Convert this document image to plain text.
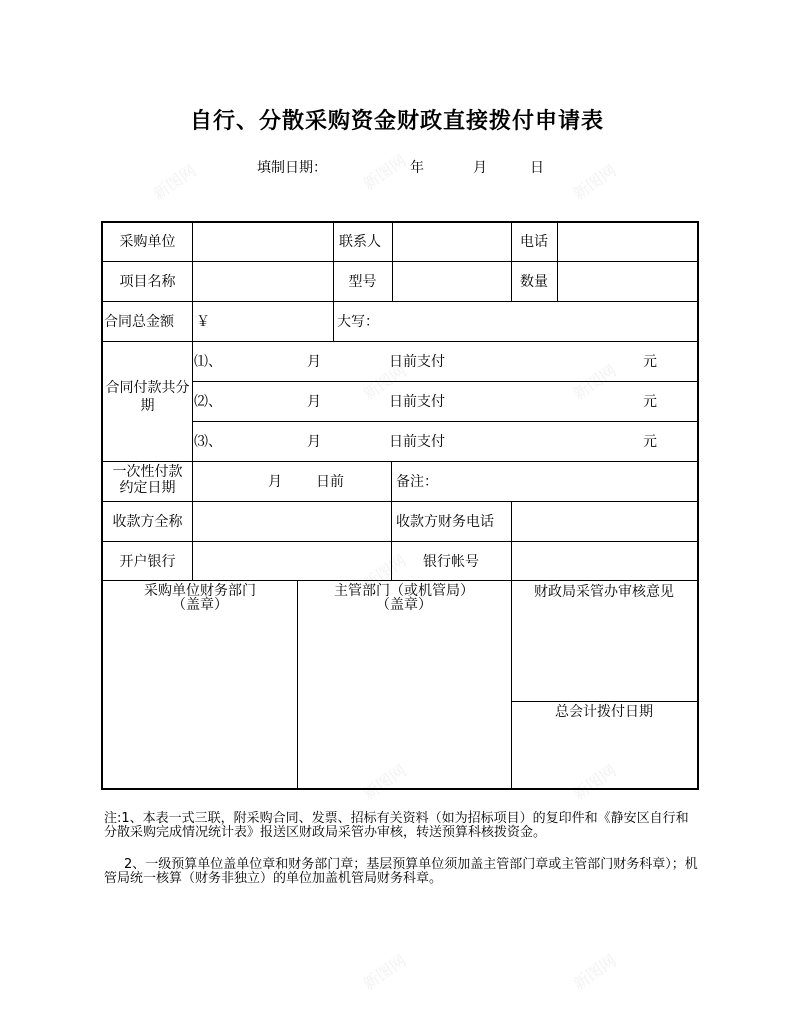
自行、分散采购资金财政直接拨付申请表
填制日期：	年	月	日
采购单位	联系人	电话
项目名称	型号	数量
合同总金额 ￥	大写：
合同付款共分
期
⑴、	月	日前支付	元
⑵、	月	日前支付	元
⑶、	月	日前支付	元
一次性付款
约定日期	月 日前	备注：
收款方全称	收款方财务电话
开户银行	银行帐号
采购单位财务部门
（盖章）
主管部门（或机管局）
（盖章）
财政局采管办审核意见
总会计拨付日期

注:1、本表一式三联，附采购合同、发票、招标有关资料（如为招标项目）的复印件和《静安区自行和分散采购完成情况统计表》报送区财政局采管办审核，转送预算科核拨资金。

2、一级预算单位盖单位章和财务部门章；基层预算单位须加盖主管部门章或主管部门财务科章）；机管局统一核算（财务非独立）的单位加盖机管局财务科章。

新图网	新图网	新图网
新图网	新图网
新图网
新图网	新图网
新图网	新图网
